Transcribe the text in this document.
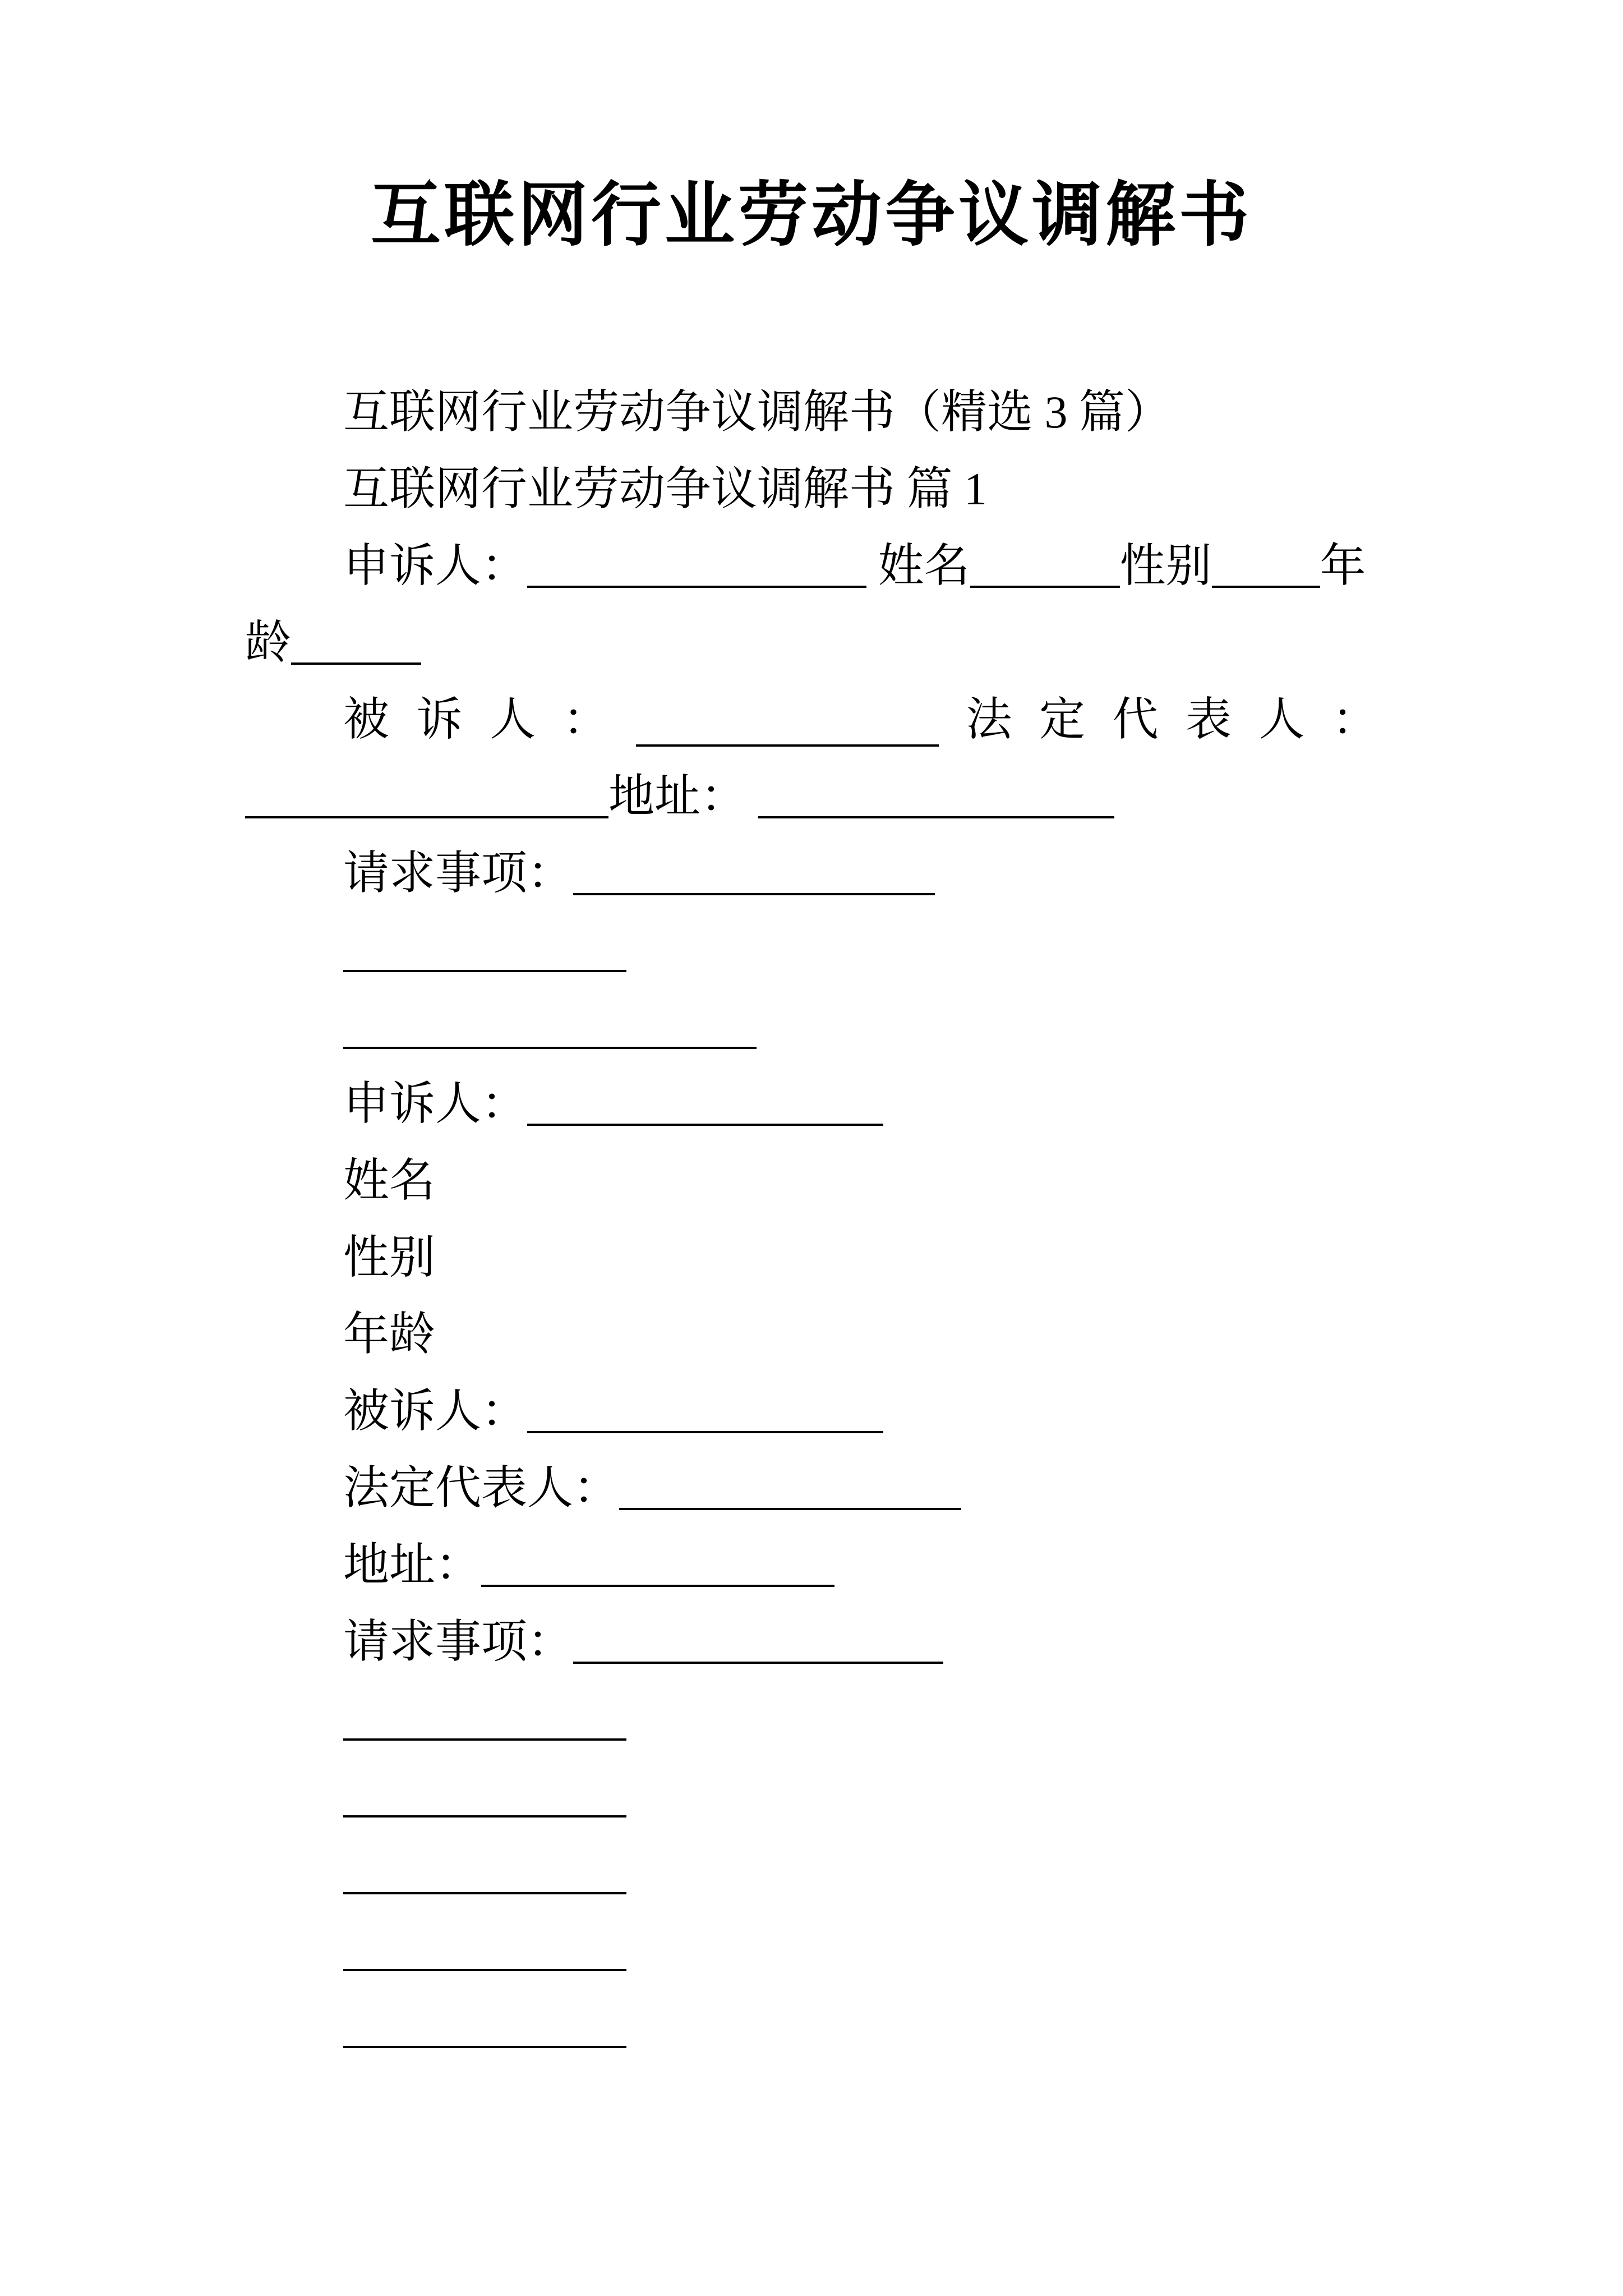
互联网行业劳动争议调解书
互联网行业劳动争议调解书（精选 3 篇）
互联网行业劳动争议调解书 篇 1
申诉人：	姓名	性别 年
龄
被 诉 人 ：	法 定 代 表 人 ：
地址：
请求事项：
申诉人：
姓名
性别
年龄
被诉人：
法定代表人：
地址：
请求事项：
